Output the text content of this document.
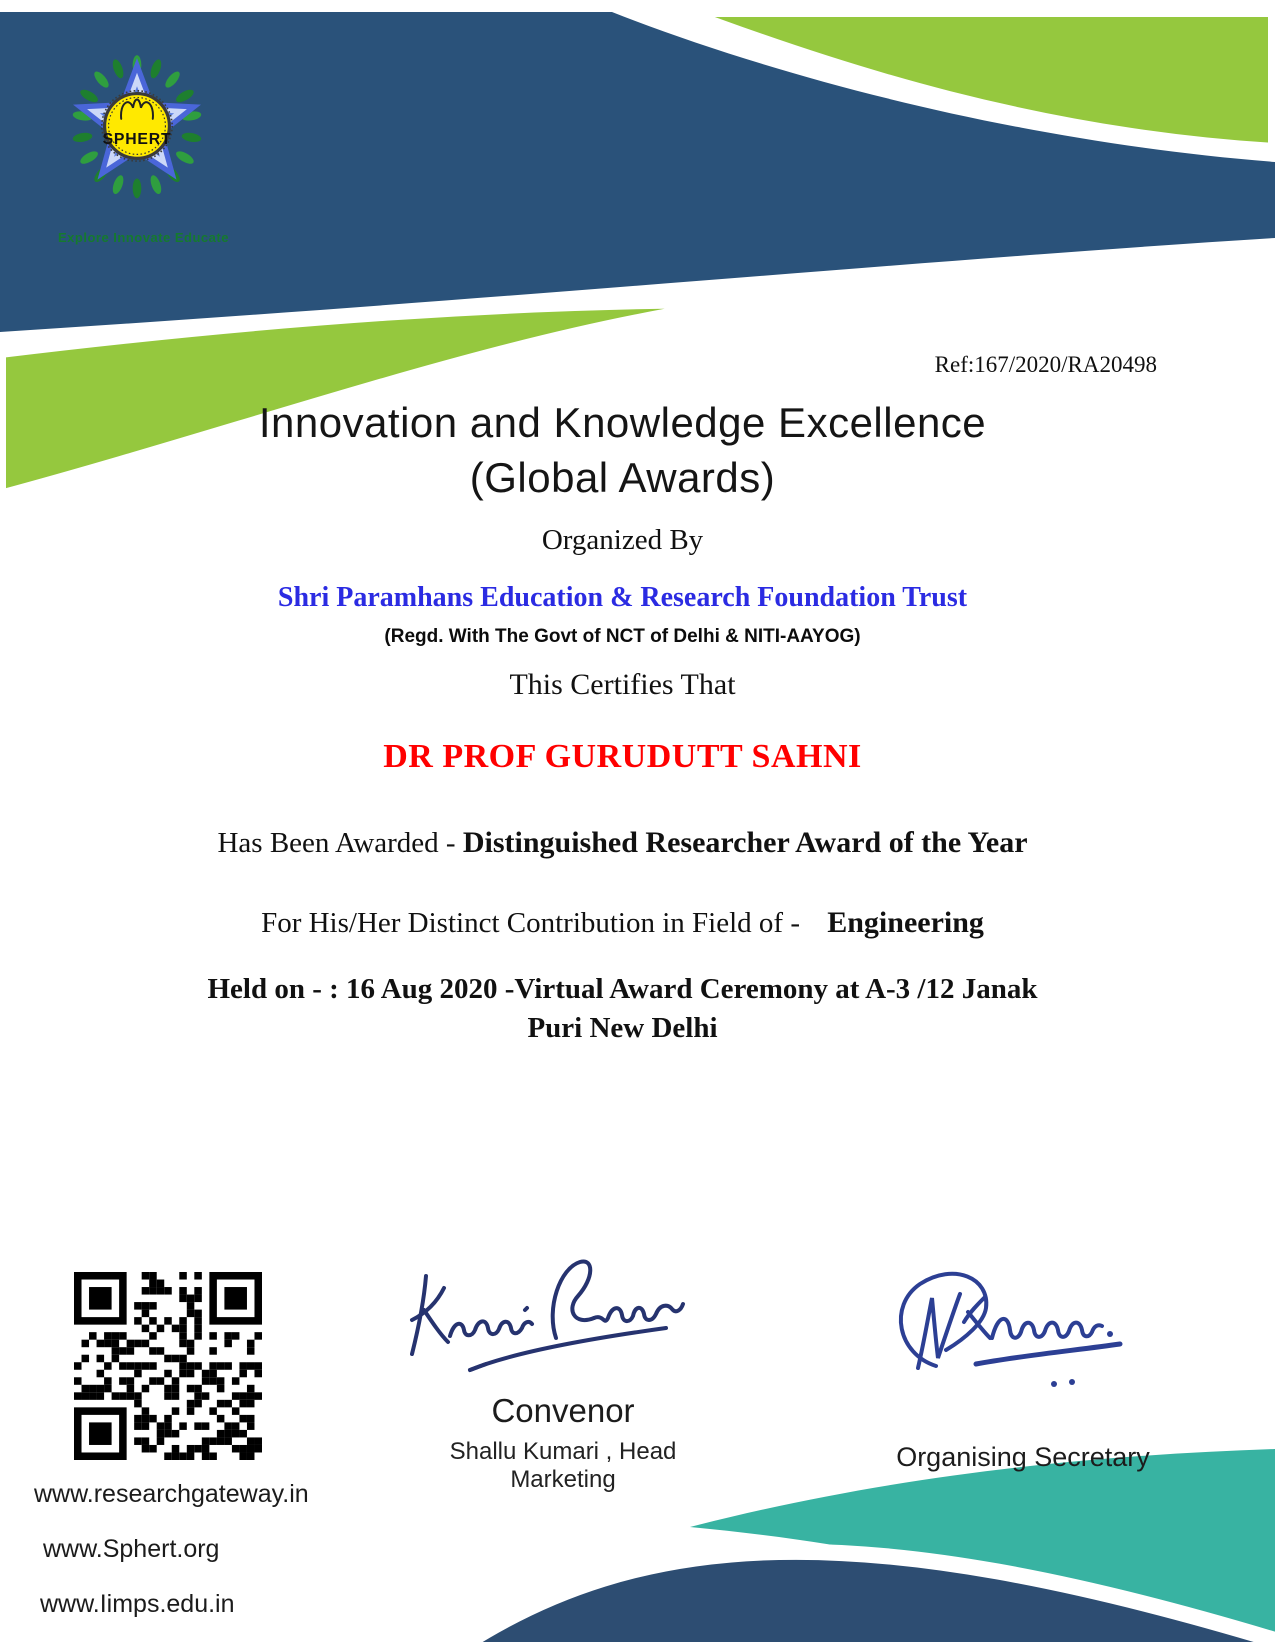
SPHERT
Explore Innovate Educate
Ref:167/2020/RA20498
Innovation and Knowledge Excellence
(Global Awards)
Organized By
Shri Paramhans Education & Research Foundation Trust
(Regd. With The Govt of NCT of Delhi & NITI-AAYOG)
This Certifies That
DR PROF GURUDUTT SAHNI
Has Been Awarded - Distinguished Researcher Award of the Year
For His/Her Distinct Contribution in Field of - Engineering
Held on - : 16 Aug 2020 -Virtual Award Ceremony at A-3 /12 Janak
Puri New Delhi
Convenor
Shallu Kumari , Head Marketing
Organising Secretary
www.researchgateway.in
www.Sphert.org
www.Iimps.edu.in
